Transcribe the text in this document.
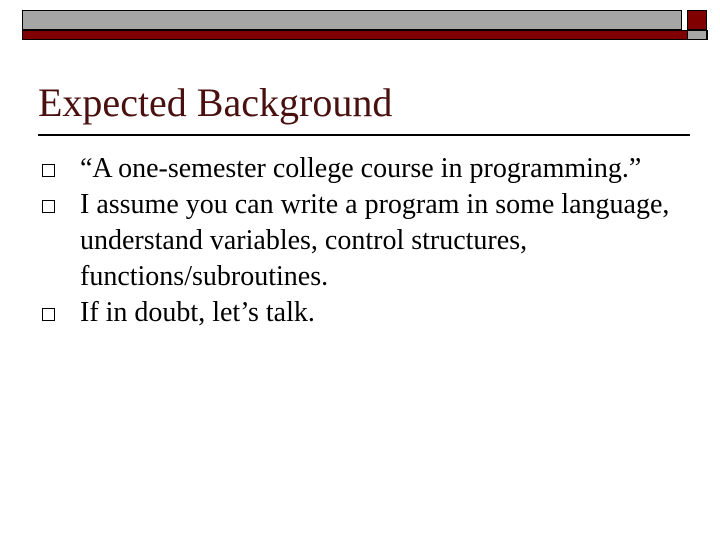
Expected Background
“A one-semester college course in programming.”
I assume you can write a program in some language, understand variables, control structures, functions/subroutines.
If in doubt, let’s talk.
